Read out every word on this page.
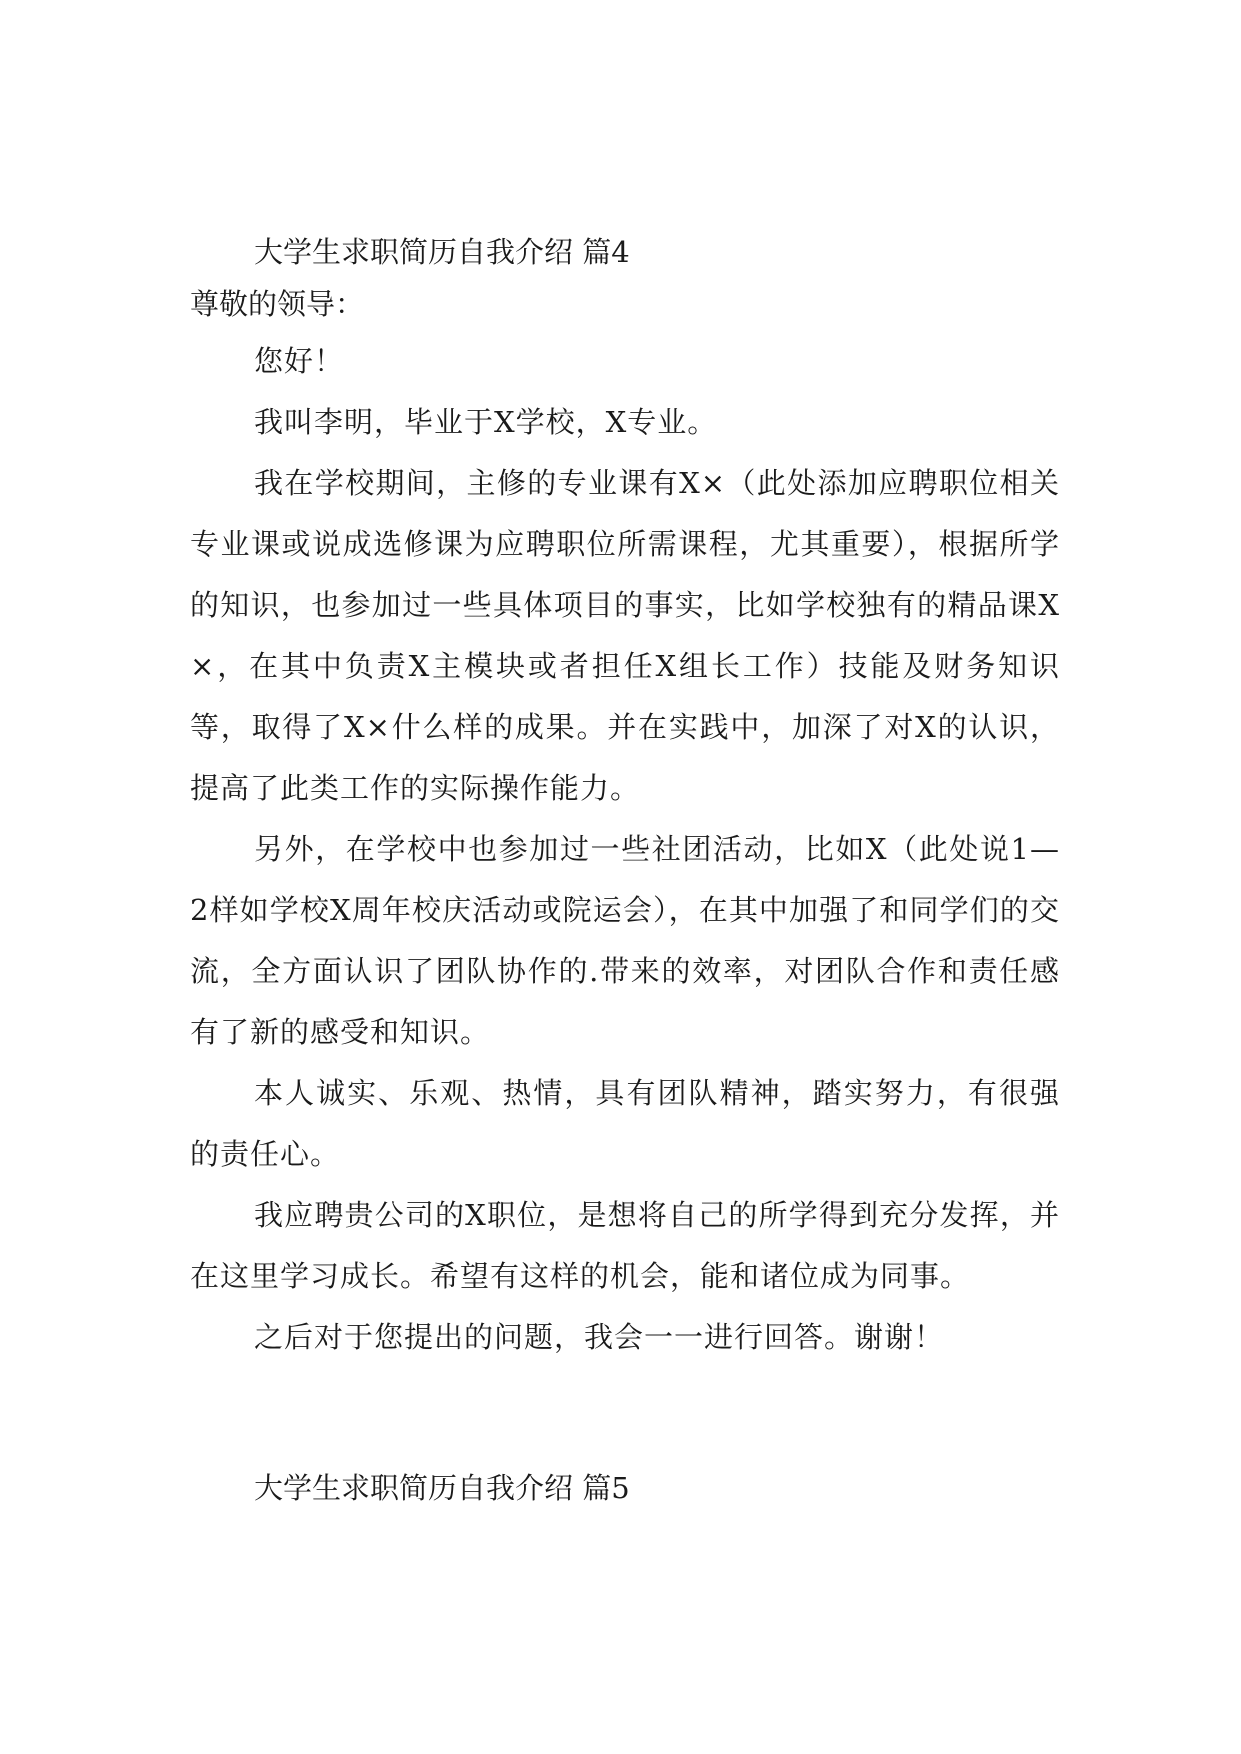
大学生求职简历自我介绍 篇4

尊敬的领导：

您好！

我叫李明，毕业于X学校，X专业。

我在学校期间，主修的专业课有X×（此处添加应聘职位相关专业课或说成选修课为应聘职位所需课程，尤其重要），根据所学的知识，也参加过一些具体项目的事实，比如学校独有的精品课X×，在其中负责X主模块或者担任X组长工作）技能及财务知识等，取得了X×什么样的成果。并在实践中，加深了对X的认识，提高了此类工作的实际操作能力。

另外，在学校中也参加过一些社团活动，比如X（此处说1—2样如学校X周年校庆活动或院运会），在其中加强了和同学们的交流，全方面认识了团队协作的.带来的效率，对团队合作和责任感有了新的感受和知识。

本人诚实、乐观、热情，具有团队精神，踏实努力，有很强的责任心。

我应聘贵公司的X职位，是想将自己的所学得到充分发挥，并在这里学习成长。希望有这样的机会，能和诸位成为同事。

之后对于您提出的问题，我会一一进行回答。谢谢！

大学生求职简历自我介绍 篇5
